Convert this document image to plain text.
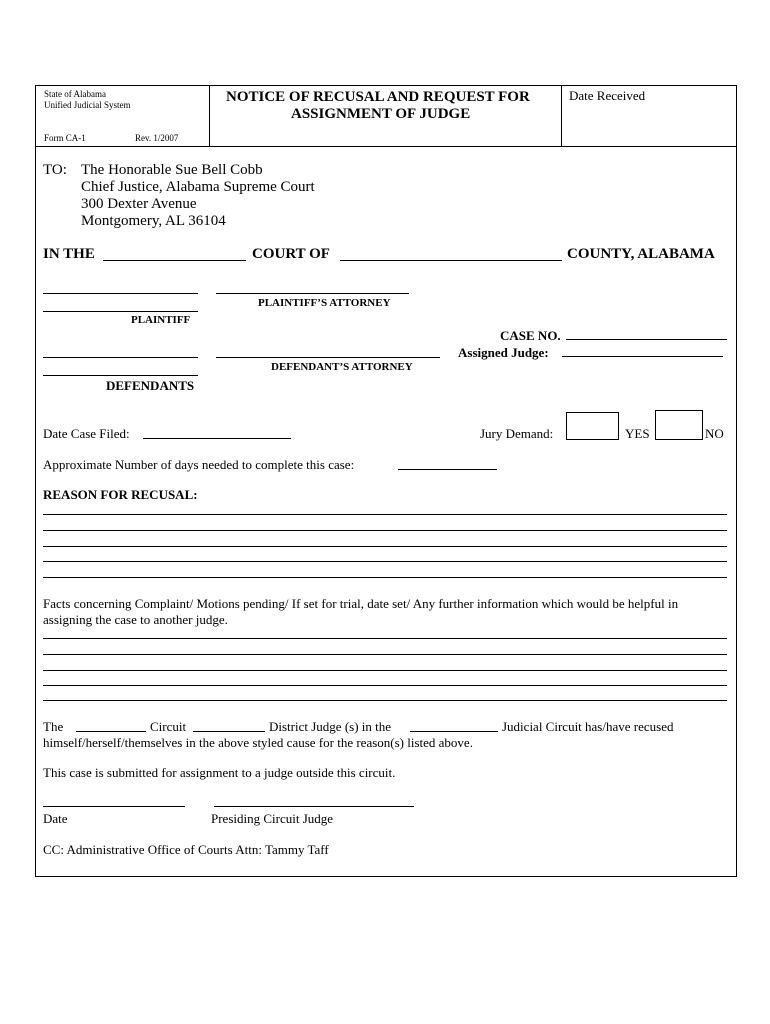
State of Alabama
Unified Judicial System
Form CA-1	Rev. 1/2007
NOTICE OF RECUSAL AND REQUEST FOR
ASSIGNMENT OF JUDGE
Date Received
TO: The Honorable Sue Bell Cobb
Chief Justice, Alabama Supreme Court
300 Dexter Avenue
Montgomery, AL 36104
IN THE	COURT OF	COUNTY, ALABAMA
PLAINTIFF’S ATTORNEY
PLAINTIFF
CASE NO.
Assigned Judge:
DEFENDANT’S ATTORNEY
DEFENDANTS
Date Case Filed:	Jury Demand:	YES	NO
Approximate Number of days needed to complete this case:
REASON FOR RECUSAL:
Facts concerning Complaint/ Motions pending/ If set for trial, date set/ Any further information which would be helpful in assigning the case to another judge.
The	Circuit	District Judge (s) in the	Judicial Circuit has/have recused
himself/herself/themselves in the above styled cause for the reason(s) listed above.
This case is submitted for assignment to a judge outside this circuit.
Date	Presiding Circuit Judge
CC: Administrative Office of Courts Attn: Tammy Taff
